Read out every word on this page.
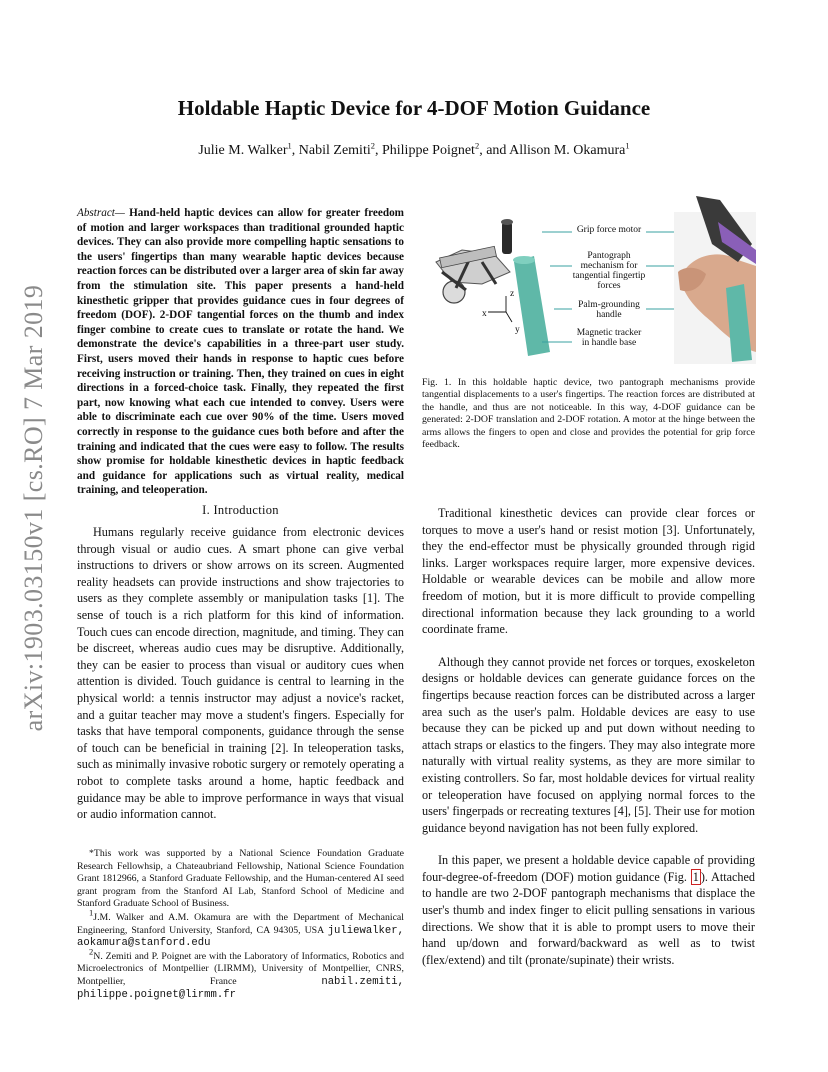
arXiv:1903.03150v1 [cs.RO] 7 Mar 2019
Holdable Haptic Device for 4-DOF Motion Guidance
Julie M. Walker$^1$, Nabil Zemiti$^2$, Philippe Poignet$^2$, and Allison M. Okamura$^1$
Abstract— Hand-held haptic devices can allow for greater freedom of motion and larger workspaces than traditional grounded haptic devices. They can also provide more compelling haptic sensations to the users' fingertips than many wearable haptic devices because reaction forces can be distributed over a larger area of skin far away from the stimulation site. This paper presents a hand-held kinesthetic gripper that provides guidance cues in four degrees of freedom (DOF). 2-DOF tangential forces on the thumb and index finger combine to create cues to translate or rotate the hand. We demonstrate the device's capabilities in a three-part user study. First, users moved their hands in response to haptic cues before receiving instruction or training. Then, they trained on cues in eight directions in a forced-choice task. Finally, they repeated the first part, now knowing what each cue intended to convey. Users were able to discriminate each cue over 90% of the time. Users moved correctly in response to the guidance cues both before and after the training and indicated that the cues were easy to follow. The results show promise for holdable kinesthetic devices in haptic feedback and guidance for applications such as virtual reality, medical training, and teleoperation.
I. Introduction

Humans regularly receive guidance from electronic devices through visual or audio cues. A smart phone can give verbal instructions to drivers or show arrows on its screen. Augmented reality headsets can provide instructions and show trajectories to users as they complete assembly or manipulation tasks [1]. The sense of touch is a rich platform for this kind of information. Touch cues can encode direction, magnitude, and timing. They can be discreet, whereas audio cues may be disruptive. Additionally, they can be easier to process than visual or auditory cues when attention is divided. Touch guidance is central to learning in the physical world: a tennis instructor may adjust a novice's racket, and a guitar teacher may move a student's fingers. Especially for tasks that have temporal components, guidance through the sense of touch can be beneficial in training [2]. In teleoperation tasks, such as minimally invasive robotic surgery or remotely operating a robot to complete tasks around a home, haptic feedback and guidance may be able to improve performance in ways that visual or audio information cannot.

*This work was supported by a National Science Foundation Graduate Research Fellowhsip, a Chateaubriand Fellowship, National Science Foundation Grant 1812966, a Stanford Graduate Fellowship, and the Human-centered AI seed grant program from the Stanford AI Lab, Stanford School of Medicine and Stanford Graduate School of Business.

1J.M. Walker and A.M. Okamura are with the Department of Mechanical Engineering, Stanford University, Stanford, CA 94305, USA juliewalker, aokamura@stanford.edu

2N. Zemiti and P. Poignet are with the Laboratory of Informatics, Robotics and Microelectronics of Montpellier (LIRMM), University of Montpellier, CNRS, Montpellier, France	nabil.zemiti, philippe.poignet@lirmm.fr

z
x
y
Grip force motor
Pantograph mechanism for tangential fingertip forces
Palm-grounding handle
Magnetic tracker in handle base
Fig. 1. In this holdable haptic device, two pantograph mechanisms provide tangential displacements to a user's fingertips. The reaction forces are distributed at the handle, and thus are not noticeable. In this way, 4-DOF guidance can be generated: 2-DOF translation and 2-DOF rotation. A motor at the hinge between the arms allows the fingers to open and close and provides the potential for grip force feedback.

Traditional kinesthetic devices can provide clear forces or torques to move a user's hand or resist motion [3]. Unfortunately, they the end-effector must be physically grounded through rigid links. Larger workspaces require larger, more expensive devices. Holdable or wearable devices can be mobile and allow more freedom of motion, but it is more difficult to provide compelling directional information because they lack grounding to a world coordinate frame.

Although they cannot provide net forces or torques, exoskeleton designs or holdable devices can generate guidance forces on the fingertips because reaction forces can be distributed across a larger area such as the user's palm. Holdable devices are easy to use because they can be picked up and put down without needing to attach straps or elastics to the fingers. They may also integrate more naturally with virtual reality systems, as they are more similar to existing controllers. So far, most holdable devices for virtual reality or teleoperation have focused on applying normal forces to the users' fingerpads or recreating textures [4], [5]. Their use for motion guidance beyond navigation has not been fully explored.

In this paper, we present a holdable device capable of providing four-degree-of-freedom (DOF) motion guidance (Fig. 1 ). Attached to handle are two 2-DOF pantograph mechanisms that displace the user's thumb and index finger to elicit pulling sensations in various directions. We show that it is able to prompt users to move their hand up/down and forward/backward as well as to twist (flex/extend) and tilt (pronate/supinate) their wrists.
